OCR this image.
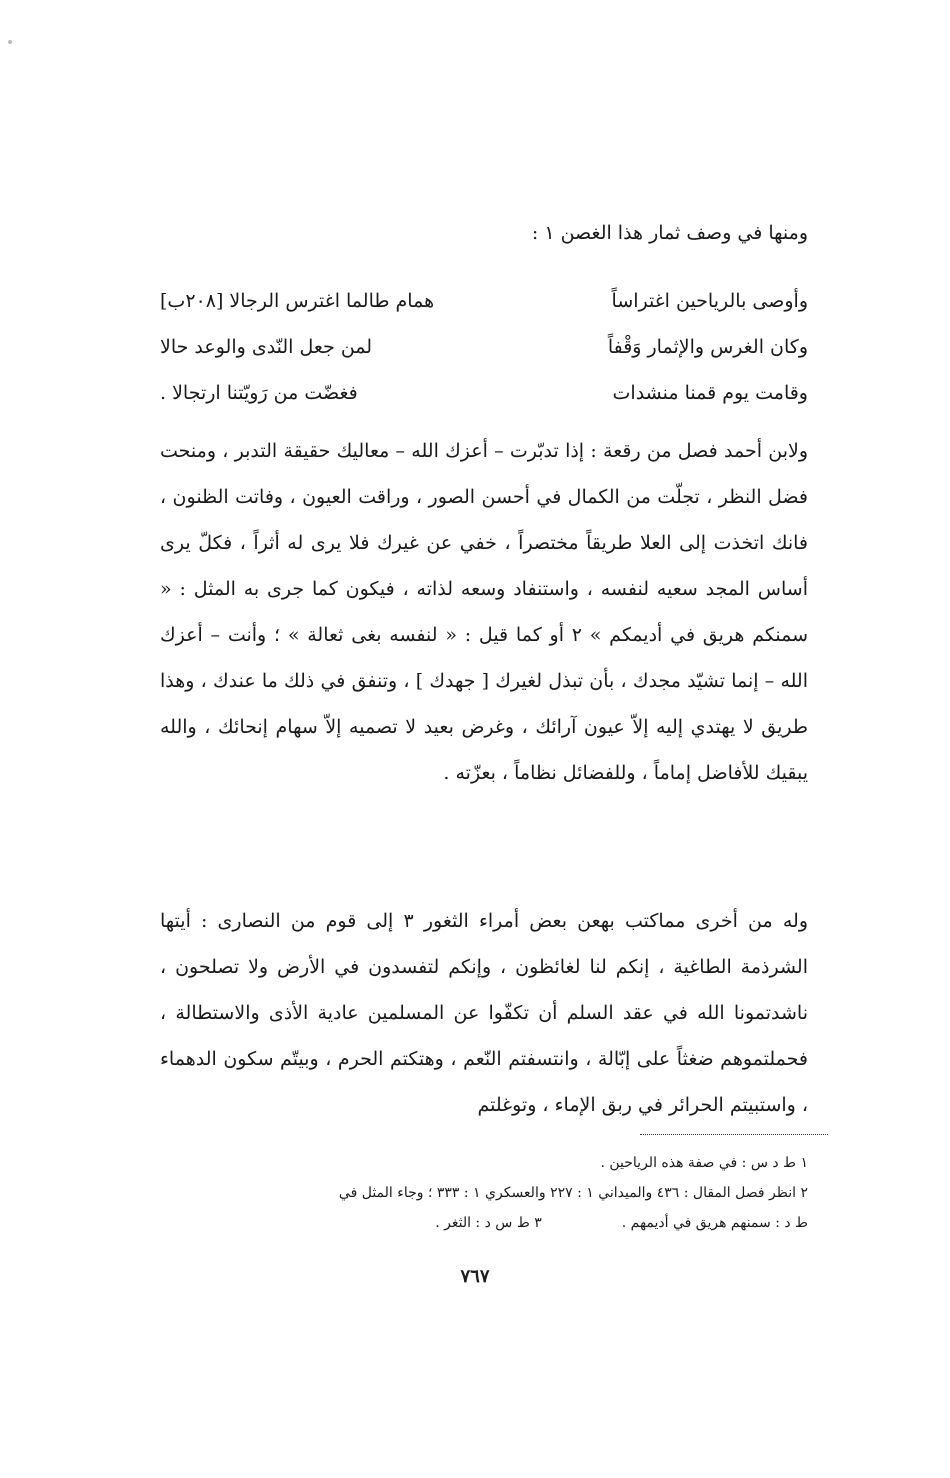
ومنها في وصف ثمار هذا الغصن ١ :

وأوصى بالرياحين اغتراساً
همام طالما اغترس الرجالا [٢٠٨ب]
وكان الغرس والإثمار وَقْفاً
لمن جعل النّدى والوعد حالا
وقامت يوم قمنا منشدات
فغضّت من رَويّتنا ارتجالا .

ولابن أحمد فصل من رقعة : إذا تدبّرت – أعزك الله – معاليك حقيقة التدبر ، ومنحت فضل النظر ، تجلّت من الكمال في أحسن الصور ، وراقت العيون ، وفاتت الظنون ، فانك اتخذت إلى العلا طريقاً مختصراً ، خفي عن غيرك فلا يرى له أثراً ، فكلّ يرى أساس المجد سعيه لنفسه ، واستنفاد وسعه لذاته ، فيكون كما جرى به المثل : « سمنكم هريق في أديمكم » ٢ أو كما قيل : « لنفسه بغى ثعالة » ؛ وأنت – أعزك الله – إنما تشيّد مجدك ، بأن تبذل لغيرك [ جهدك ] ، وتنفق في ذلك ما عندك ، وهذا طريق لا يهتدي إليه إلاّ عيون آرائك ، وغرض بعيد لا تصميه إلاّ سهام إنحائك ، والله يبقيك للأفاضل إماماً ، وللفضائل نظاماً ، بعزّته .

وله من أخرى مماكتب بهعن بعض أمراء الثغور ٣ إلى قوم من النصارى : أيتها الشرذمة الطاغية ، إنكم لنا لغائظون ، وإنكم لتفسدون في الأرض ولا تصلحون ، ناشدتمونا الله في عقد السلم أن تكفّوا عن المسلمين عادية الأذى والاستطالة ، فحملتموهم ضغثاً على إبّالة ، وانتسفتم النّعم ، وهتكتم الحرم ، وبيتّم سكون الدهماء ، واستبيتم الحرائر في ربق الإماء ، وتوغلتم

١ ط د س : في صفة هذه الرياحين .
٢ انظر فصل المقال : ٤٣٦ والميداني ١ : ٢٢٧ والعسكري ١ : ٣٣٣ ؛ وجاء المثل في
ط د : سمنهم هريق في أديمهم .
٣ ط س د : الثغر .
٧٦٧
